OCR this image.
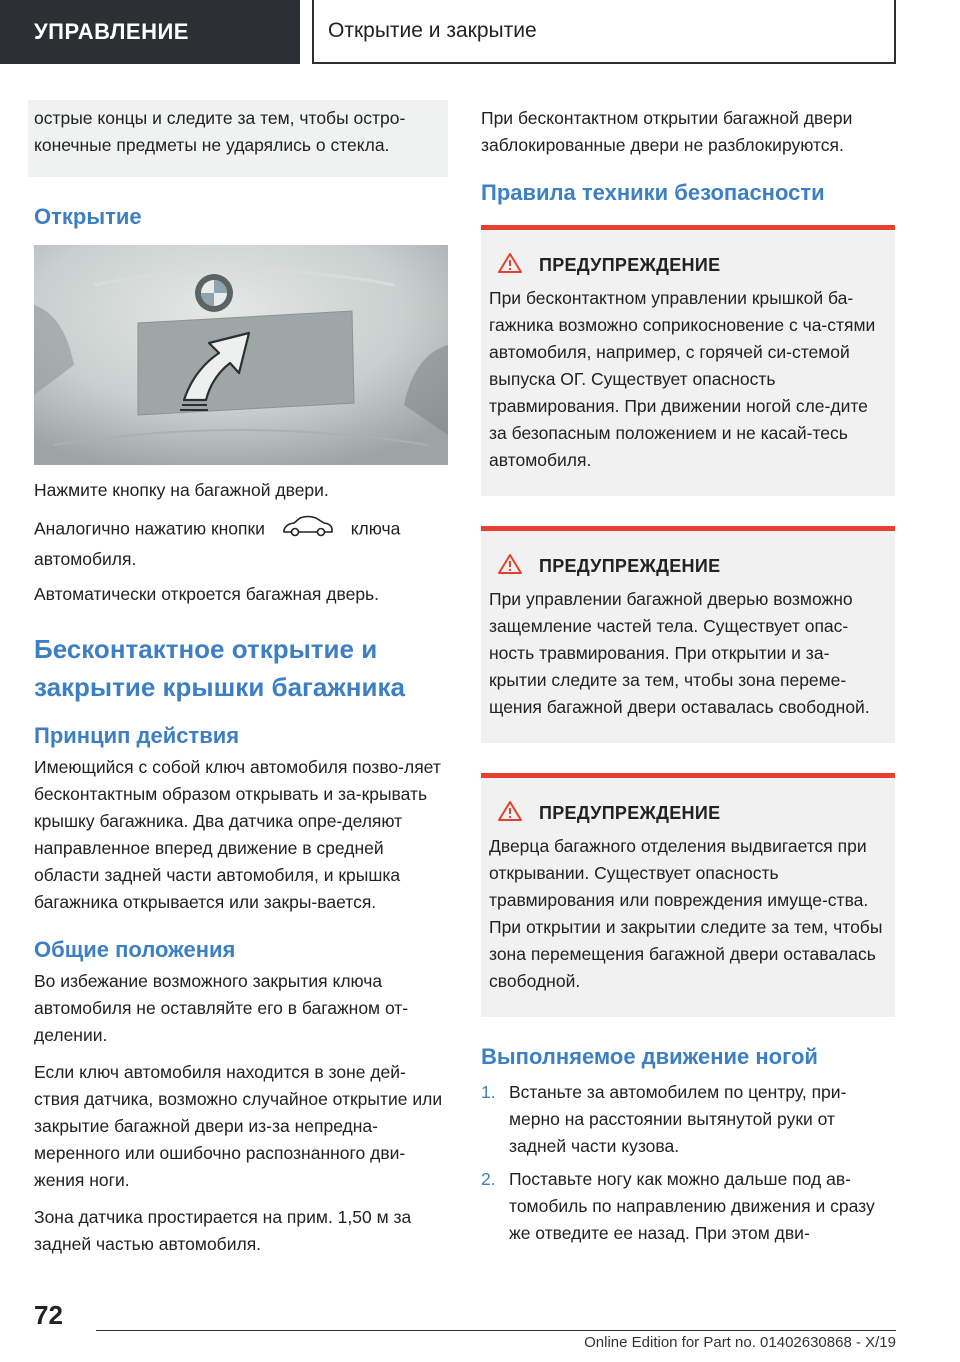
УПРАВЛЕНИЕ	Открытие и закрытие
острые концы и следите за тем, чтобы остро-конечные предметы не ударялись о стекла.
Открытие
Нажмите кнопку на багажной двери.
Аналогично нажатию кнопки	ключа автомобиля.
Автоматически откроется багажная дверь.
Бесконтактное открытие и закрытие крышки багажника
Принцип действия
Имеющийся с собой ключ автомобиля позво-ляет бесконтактным образом открывать и за-крывать крышку багажника. Два датчика опре-деляют направленное вперед движение в средней области задней части автомобиля, и крышка багажника открывается или закры-вается.
Общие положения
Во избежание возможного закрытия ключа автомобиля не оставляйте его в багажном от-делении.
Если ключ автомобиля находится в зоне дей-ствия датчика, возможно случайное открытие или закрытие багажной двери из-за непредна-меренного или ошибочно распознанного дви-жения ноги.
Зона датчика простирается на прим. 1,50 м за задней частью автомобиля.
При бесконтактном открытии багажной двери заблокированные двери не разблокируются.
Правила техники безопасности
ПРЕДУПРЕЖДЕНИЕ
При бесконтактном управлении крышкой ба-гажника возможно соприкосновение с ча-стями автомобиля, например, с горячей си-стемой выпуска ОГ. Существует опасность травмирования. При движении ногой сле-дите за безопасным положением и не касай-тесь автомобиля.
ПРЕДУПРЕЖДЕНИЕ
При управлении багажной дверью возможно защемление частей тела. Существует опас-ность травмирования. При открытии и за-крытии следите за тем, чтобы зона переме-щения багажной двери оставалась свободной.
ПРЕДУПРЕЖДЕНИЕ
Дверца багажного отделения выдвигается при открывании. Существует опасность травмирования или повреждения имуще-ства. При открытии и закрытии следите за тем, чтобы зона перемещения багажной двери оставалась свободной.
Выполняемое движение ногой
1. Встаньте за автомобилем по центру, при-мерно на расстоянии вытянутой руки от задней части кузова.
2. Поставьте ногу как можно дальше под ав-томобиль по направлению движения и сразу же отведите ее назад. При этом дви-
72
Online Edition for Part no. 01402630868 - X/19
